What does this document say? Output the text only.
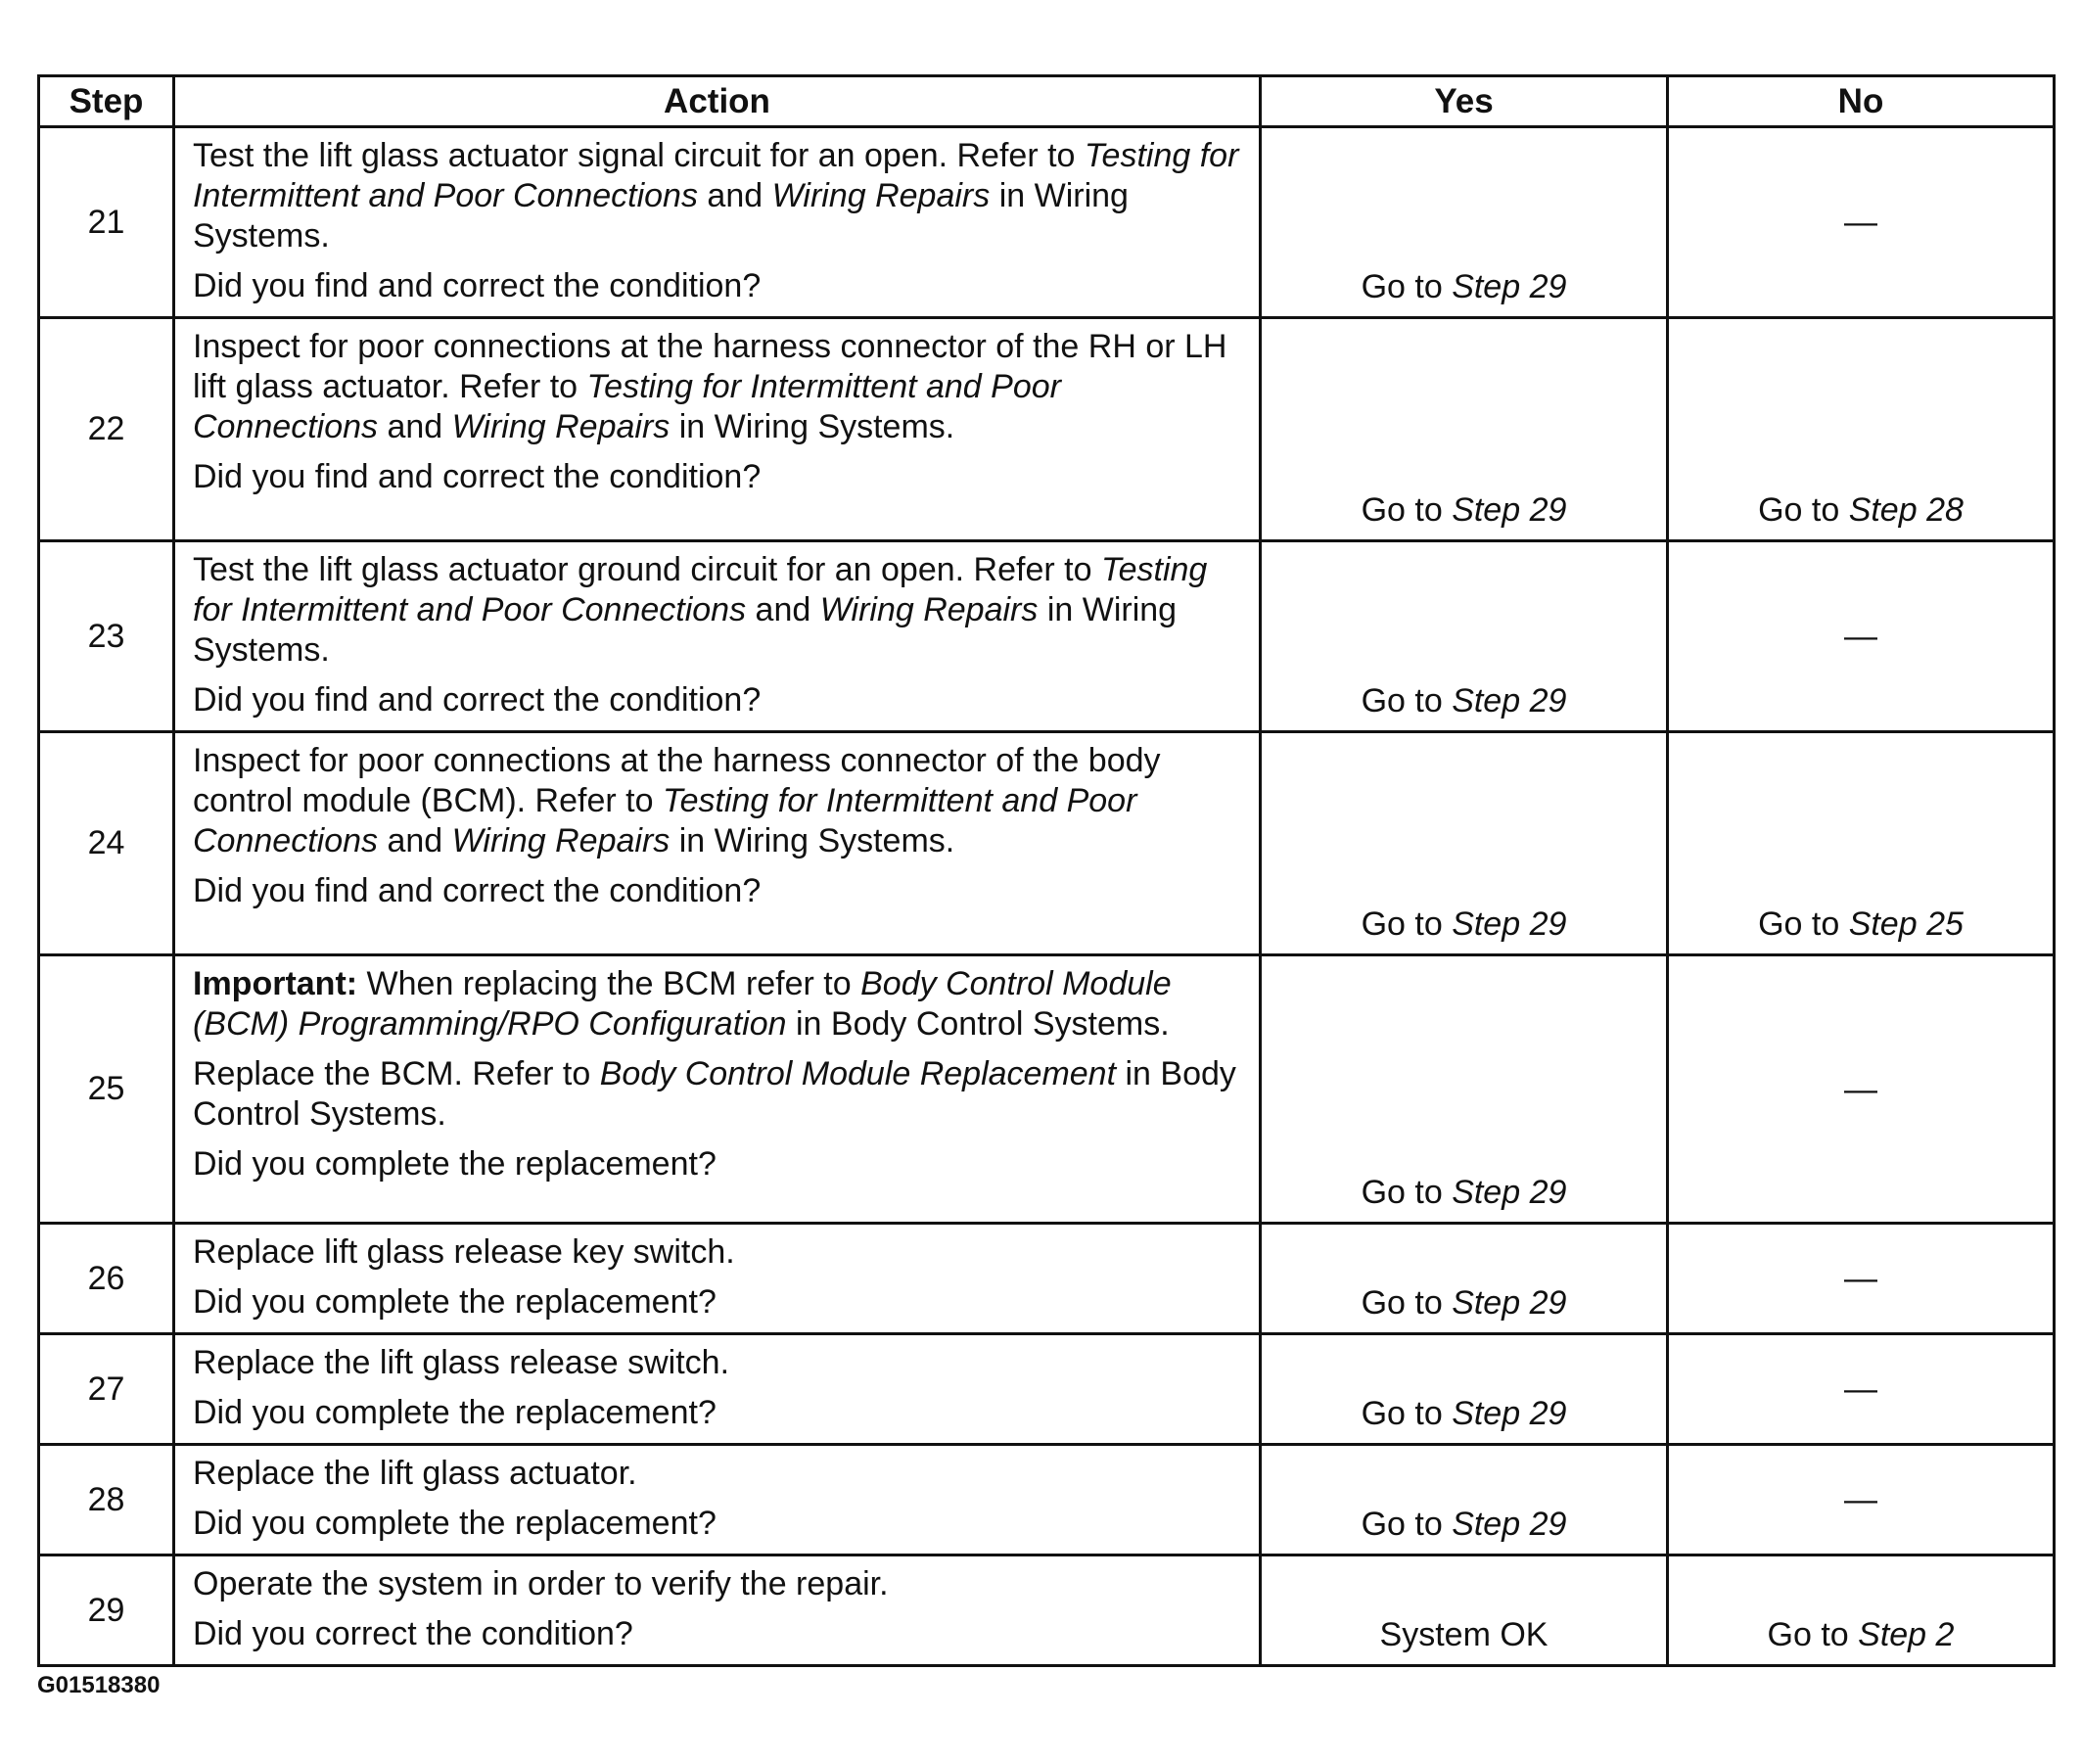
Step	Action	Yes	No
21	Test the lift glass actuator signal circuit for an open. Refer to Testing for Intermittent and Poor Connections and Wiring Repairs in Wiring Systems.
Did you find and correct the condition?	Go to Step 29	—
22	Inspect for poor connections at the harness connector of the RH or LH lift glass actuator. Refer to Testing for Intermittent and Poor Connections and Wiring Repairs in Wiring Systems.
Did you find and correct the condition?	Go to Step 29	Go to Step 28
23	Test the lift glass actuator ground circuit for an open. Refer to Testing for Intermittent and Poor Connections and Wiring Repairs in Wiring Systems.
Did you find and correct the condition?	Go to Step 29	—
24	Inspect for poor connections at the harness connector of the body control module (BCM). Refer to Testing for Intermittent and Poor Connections and Wiring Repairs in Wiring Systems.
Did you find and correct the condition?	Go to Step 29	Go to Step 25
25	Important: When replacing the BCM refer to Body Control Module (BCM) Programming/RPO Configuration in Body Control Systems.
Replace the BCM. Refer to Body Control Module Replacement in Body Control Systems.
Did you complete the replacement?	Go to Step 29	—
26	Replace lift glass release key switch.
Did you complete the replacement?	Go to Step 29	—
27	Replace the lift glass release switch.
Did you complete the replacement?	Go to Step 29	—
28	Replace the lift glass actuator.
Did you complete the replacement?	Go to Step 29	—
29	Operate the system in order to verify the repair.
Did you correct the condition?	System OK	Go to Step 2
G01518380
